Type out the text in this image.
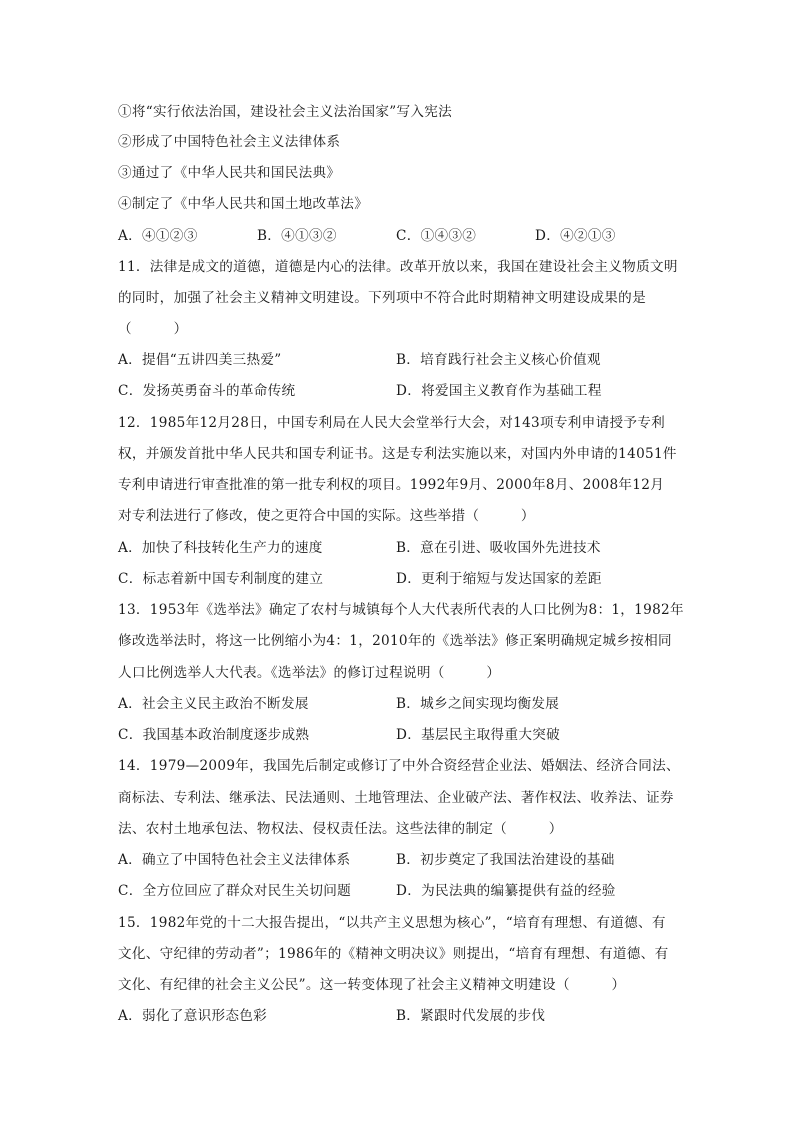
①将“实行依法治国，建设社会主义法治国家”写入宪法
②形成了中国特色社会主义法律体系
③通过了《中华人民共和国民法典》
④制定了《中华人民共和国土地改革法》
A．④①②③	B．④①③②	C．①④③②	D．④②①③
11．法律是成文的道德，道德是内心的法律。改革开放以来，我国在建设社会主义物质文明
的同时，加强了社会主义精神文明建设。下列项中不符合此时期精神文明建设成果的是
（　　　）
A．提倡“五讲四美三热爱”	B．培育践行社会主义核心价值观
C．发扬英勇奋斗的革命传统	D．将爱国主义教育作为基础工程
12．1985年12月28日，中国专利局在人民大会堂举行大会，对143项专利申请授予专利
权，并颁发首批中华人民共和国专利证书。这是专利法实施以来，对国内外申请的14051件
专利申请进行审查批准的第一批专利权的项目。1992年9月、2000年8月、2008年12月
对专利法进行了修改，使之更符合中国的实际。这些举措（　　　）
A．加快了科技转化生产力的速度	B．意在引进、吸收国外先进技术
C．标志着新中国专利制度的建立	D．更利于缩短与发达国家的差距
13．1953年《选举法》确定了农村与城镇每个人大代表所代表的人口比例为8：1，1982年
修改选举法时，将这一比例缩小为4：1，2010年的《选举法》修正案明确规定城乡按相同
人口比例选举人大代表。《选举法》的修订过程说明（　　　）
A．社会主义民主政治不断发展	B．城乡之间实现均衡发展
C．我国基本政治制度逐步成熟	D．基层民主取得重大突破
14．1979—2009年，我国先后制定或修订了中外合资经营企业法、婚姻法、经济合同法、
商标法、专利法、继承法、民法通则、土地管理法、企业破产法、著作权法、收养法、证券
法、农村土地承包法、物权法、侵权责任法。这些法律的制定（　　　）
A．确立了中国特色社会主义法律体系	B．初步奠定了我国法治建设的基础
C．全方位回应了群众对民生关切问题	D．为民法典的编纂提供有益的经验
15．1982年党的十二大报告提出，“以共产主义思想为核心”，“培育有理想、有道德、有
文化、守纪律的劳动者”；1986年的《精神文明决议》则提出，“培育有理想、有道德、有
文化、有纪律的社会主义公民”。这一转变体现了社会主义精神文明建设（　　　）
A．弱化了意识形态色彩	B．紧跟时代发展的步伐
